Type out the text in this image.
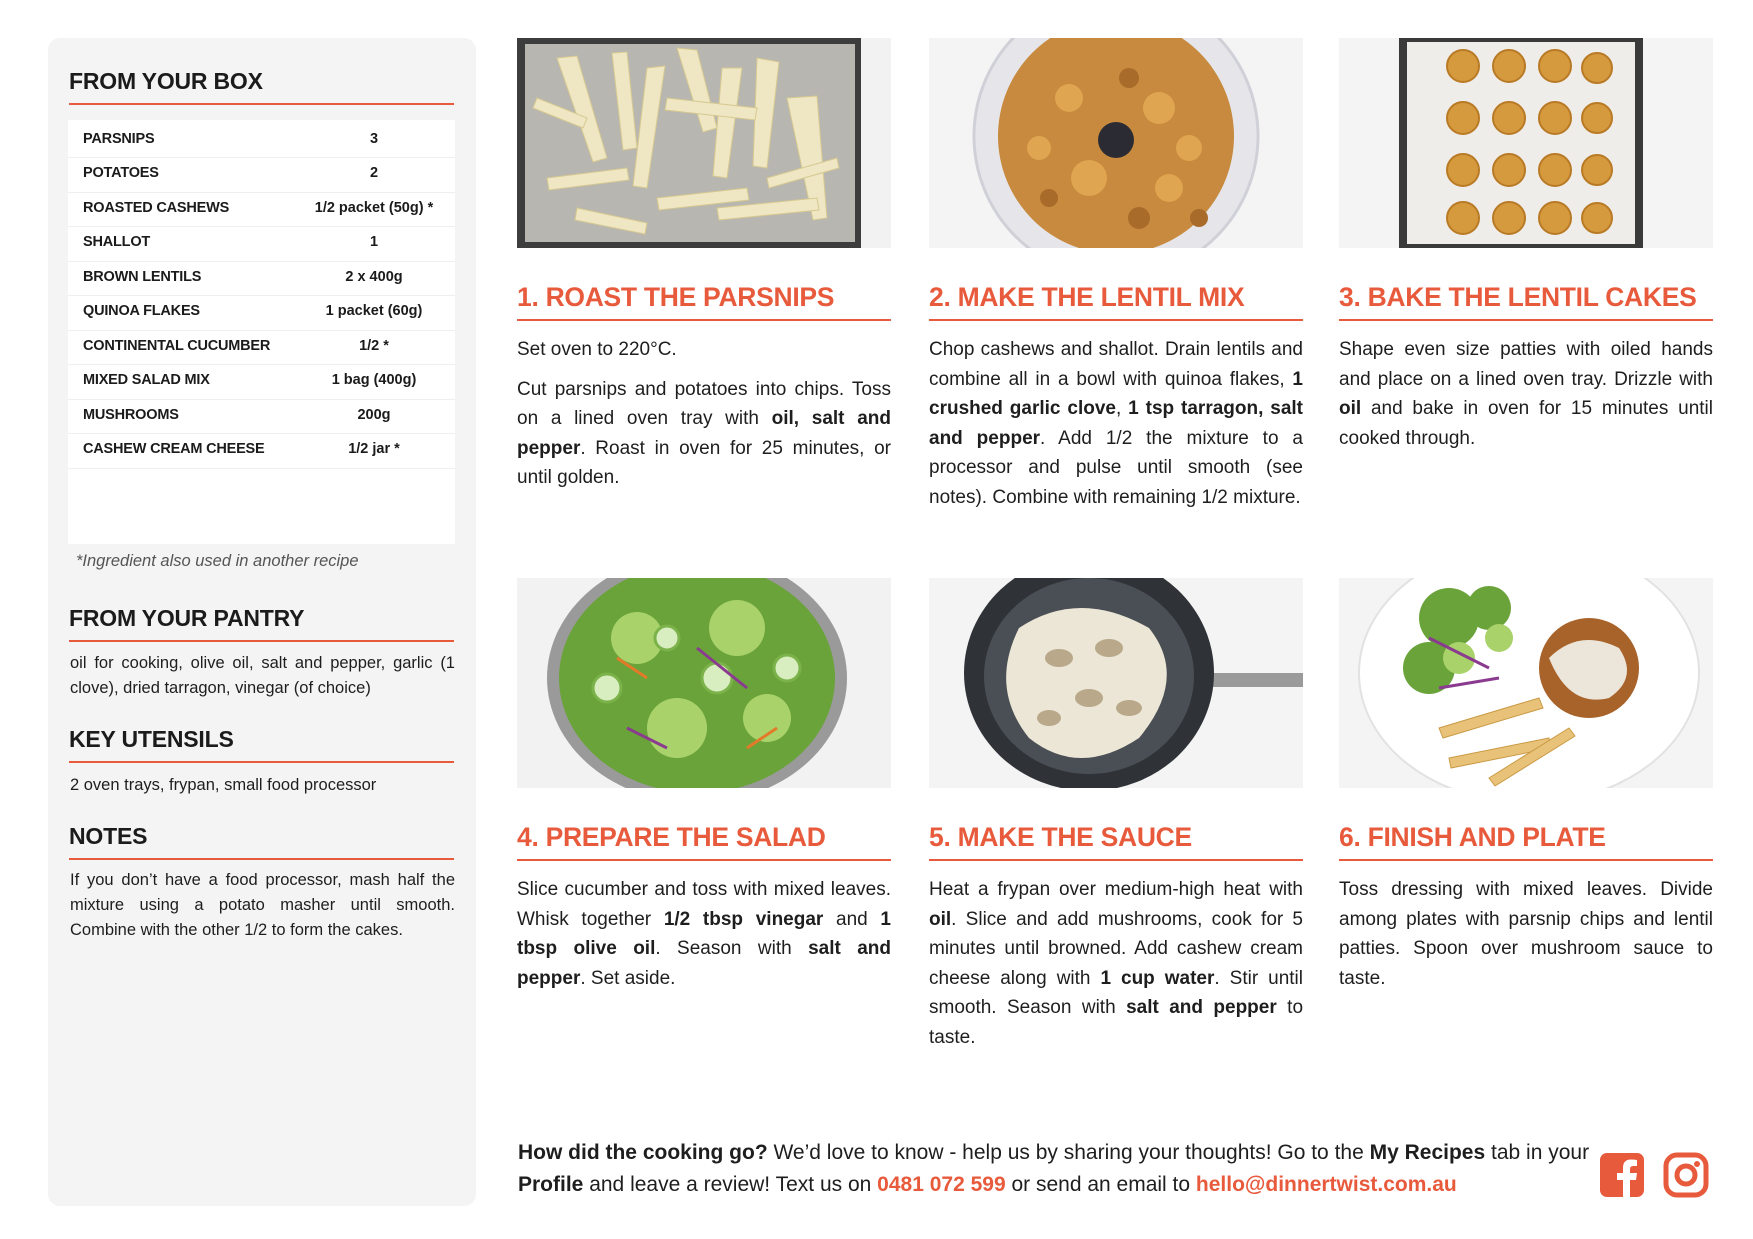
FROM YOUR BOX
PARSNIPS	3
POTATOES	2
ROASTED CASHEWS	1/2 packet (50g) *
SHALLOT	1
BROWN LENTILS	2 x 400g
QUINOA FLAKES	1 packet (60g)
CONTINENTAL CUCUMBER	1/2 *
MIXED SALAD MIX	1 bag (400g)
MUSHROOMS	200g
CASHEW CREAM CHEESE	1/2 jar *
*Ingredient also used in another recipe
FROM YOUR PANTRY
oil for cooking, olive oil, salt and pepper, garlic (1 clove), dried tarragon, vinegar (of choice)
KEY UTENSILS
2 oven trays, frypan, small food processor
NOTES
If you don’t have a food processor, mash half the mixture using a potato masher until smooth. Combine with the other 1/2 to form the cakes.
1. ROAST THE PARSNIPS

Set oven to 220°C.

Cut parsnips and potatoes into chips. Toss on a lined oven tray with oil, salt and pepper. Roast in oven for 25 minutes, or until golden.

2. MAKE THE LENTIL MIX

Chop cashews and shallot. Drain lentils and combine all in a bowl with quinoa flakes, 1 crushed garlic clove, 1 tsp tarragon, salt and pepper. Add 1/2 the mixture to a processor and pulse until smooth (see notes). Combine with remaining 1/2 mixture.

3. BAKE THE LENTIL CAKES

Shape even size patties with oiled hands and place on a lined oven tray. Drizzle with oil and bake in oven for 15 minutes until cooked through.

4. PREPARE THE SALAD

Slice cucumber and toss with mixed leaves. Whisk together 1/2 tbsp vinegar and 1 tbsp olive oil. Season with salt and pepper. Set aside.

5. MAKE THE SAUCE

Heat a frypan over medium-high heat with oil. Slice and add mushrooms, cook for 5 minutes until browned. Add cashew cream cheese along with 1 cup water. Stir until smooth. Season with salt and pepper to taste.

6. FINISH AND PLATE

Toss dressing with mixed leaves. Divide among plates with parsnip chips and lentil patties. Spoon over mushroom sauce to taste.

How did the cooking go? We’d love to know - help us by sharing your thoughts! Go to the My Recipes tab in your Profile and leave a review! Text us on 0481 072 599 or send an email to hello@dinnertwist.com.au
